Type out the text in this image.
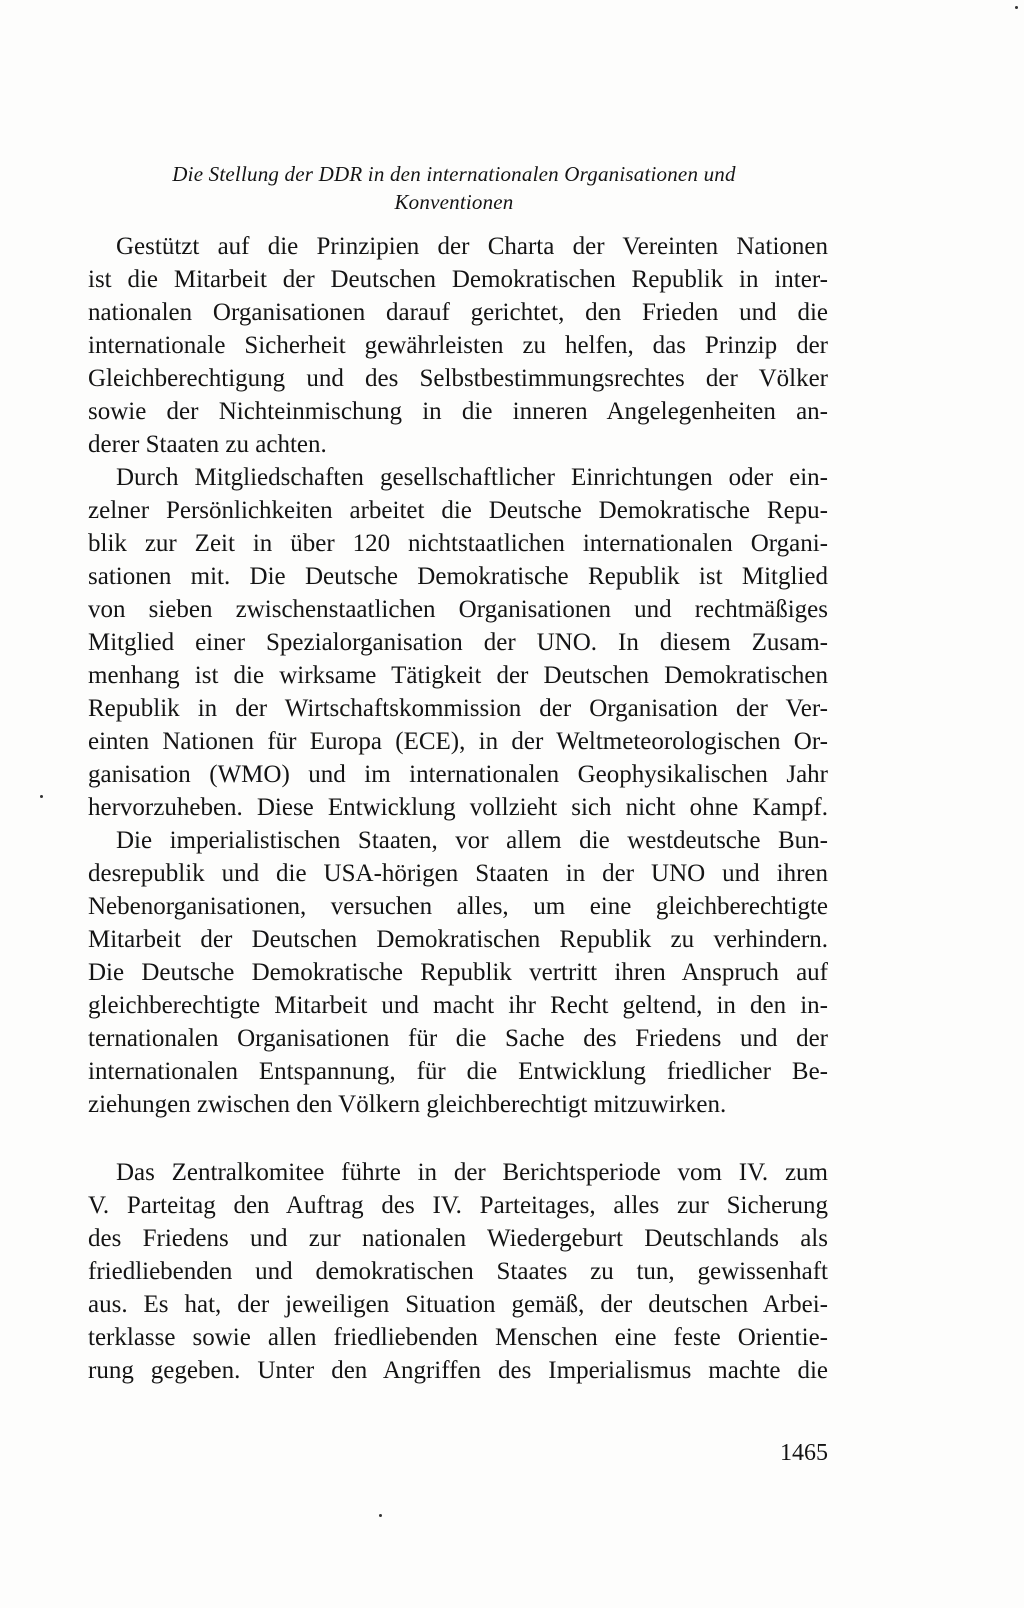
Die Stellung der DDR in den internationalen Organisationen und
Konventionen
Gestützt auf die Prinzipien der Charta der Vereinten Nationen
ist die Mitarbeit der Deutschen Demokratischen Republik in inter-
nationalen Organisationen darauf gerichtet, den Frieden und die
internationale Sicherheit gewährleisten zu helfen, das Prinzip der
Gleichberechtigung und des Selbstbestimmungsrechtes der Völker
sowie der Nichteinmischung in die inneren Angelegenheiten an-
derer Staaten zu achten.
Durch Mitgliedschaften gesellschaftlicher Einrichtungen oder ein-
zelner Persönlichkeiten arbeitet die Deutsche Demokratische Repu-
blik zur Zeit in über 120 nichtstaatlichen internationalen Organi-
sationen mit. Die Deutsche Demokratische Republik ist Mitglied
von sieben zwischenstaatlichen Organisationen und rechtmäßiges
Mitglied einer Spezialorganisation der UNO. In diesem Zusam-
menhang ist die wirksame Tätigkeit der Deutschen Demokratischen
Republik in der Wirtschaftskommission der Organisation der Ver-
einten Nationen für Europa (ECE), in der Weltmeteorologischen Or-
ganisation (WMO) und im internationalen Geophysikalischen Jahr
hervorzuheben. Diese Entwicklung vollzieht sich nicht ohne Kampf.
Die imperialistischen Staaten, vor allem die westdeutsche Bun-
desrepublik und die USA-hörigen Staaten in der UNO und ihren
Nebenorganisationen, versuchen alles, um eine gleichberechtigte
Mitarbeit der Deutschen Demokratischen Republik zu verhindern.
Die Deutsche Demokratische Republik vertritt ihren Anspruch auf
gleichberechtigte Mitarbeit und macht ihr Recht geltend, in den in-
ternationalen Organisationen für die Sache des Friedens und der
internationalen Entspannung, für die Entwicklung friedlicher Be-
ziehungen zwischen den Völkern gleichberechtigt mitzuwirken.
Das Zentralkomitee führte in der Berichtsperiode vom IV. zum
V. Parteitag den Auftrag des IV. Parteitages, alles zur Sicherung
des Friedens und zur nationalen Wiedergeburt Deutschlands als
friedliebenden und demokratischen Staates zu tun, gewissenhaft
aus. Es hat, der jeweiligen Situation gemäß, der deutschen Arbei-
terklasse sowie allen friedliebenden Menschen eine feste Orientie-
rung gegeben. Unter den Angriffen des Imperialismus machte die
1465
